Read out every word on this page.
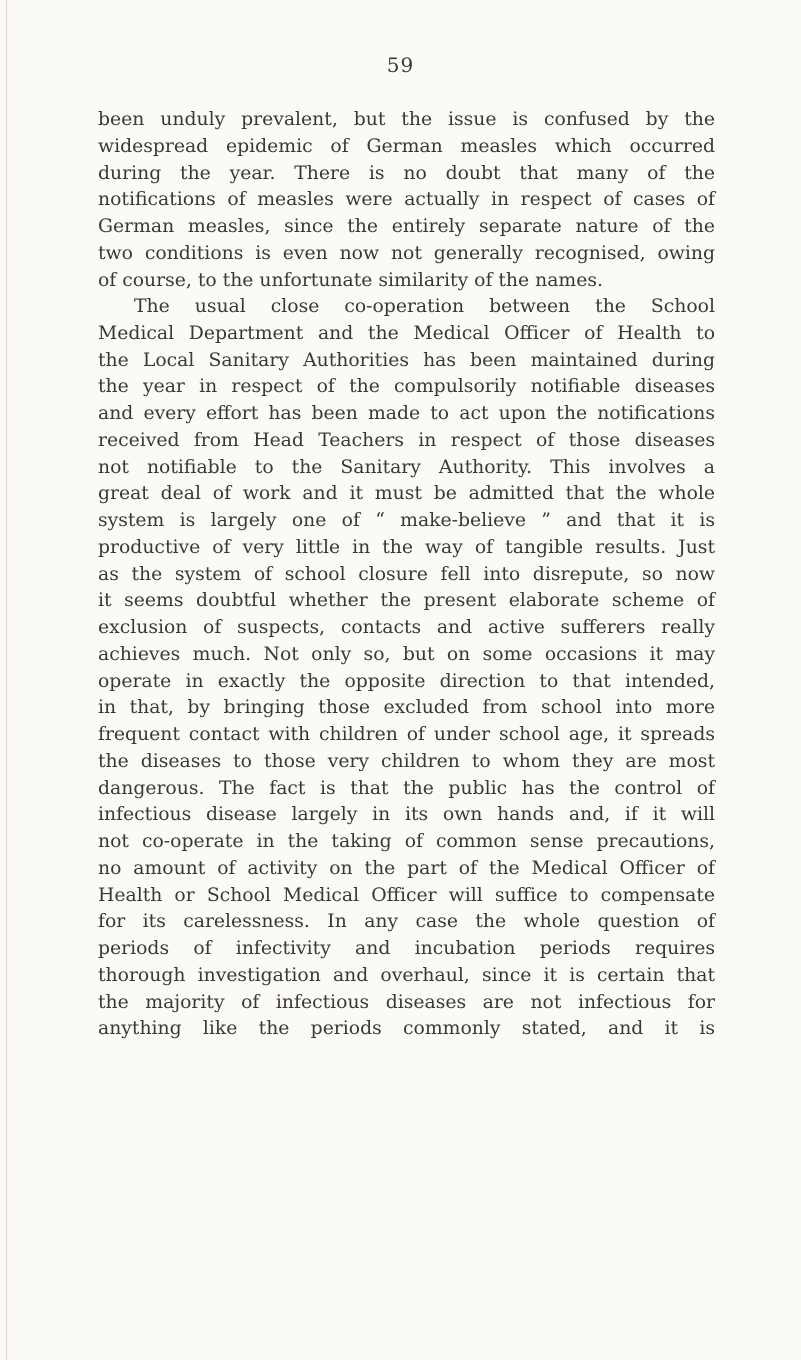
59
been unduly prevalent, but the issue is confused by the
widespread epidemic of German measles which occurred
during the year. There is no doubt that many of the
notifications of measles were actually in respect of cases of
German measles, since the entirely separate nature of the
two conditions is even now not generally recognised, owing
of course, to the unfortunate similarity of the names.
The usual close co-operation between the School
Medical Department and the Medical Officer of Health to
the Local Sanitary Authorities has been maintained during
the year in respect of the compulsorily notifiable diseases
and every effort has been made to act upon the notifications
received from Head Teachers in respect of those diseases
not notifiable to the Sanitary Authority. This involves a
great deal of work and it must be admitted that the whole
system is largely one of “ make-believe ” and that it is
productive of very little in the way of tangible results. Just
as the system of school closure fell into disrepute, so now
it seems doubtful whether the present elaborate scheme of
exclusion of suspects, contacts and active sufferers really
achieves much. Not only so, but on some occasions it may
operate in exactly the opposite direction to that intended,
in that, by bringing those excluded from school into more
frequent contact with children of under school age, it spreads
the diseases to those very children to whom they are most
dangerous. The fact is that the public has the control of
infectious disease largely in its own hands and, if it will
not co-operate in the taking of common sense precautions,
no amount of activity on the part of the Medical Officer of
Health or School Medical Officer will suffice to compensate
for its carelessness. In any case the whole question of
periods of infectivity and incubation periods requires
thorough investigation and overhaul, since it is certain that
the majority of infectious diseases are not infectious for
anything like the periods commonly stated, and it is
